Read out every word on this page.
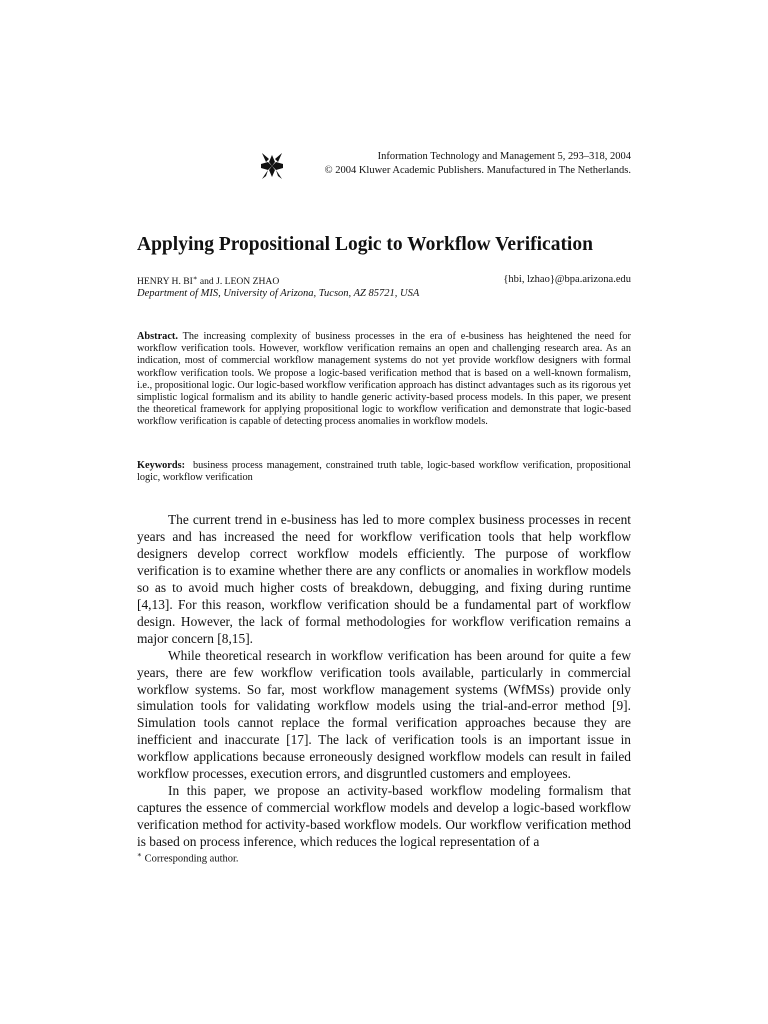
Information Technology and Management 5, 293–318, 2004
© 2004 Kluwer Academic Publishers. Manufactured in The Netherlands.
Applying Propositional Logic to Workflow Verification
HENRY H. BI∗ and J. LEON ZHAO	{hbi, lzhao}@bpa.arizona.edu
Department of MIS, University of Arizona, Tucson, AZ 85721, USA
Abstract. The increasing complexity of business processes in the era of e-business has heightened the need for workflow verification tools. However, workflow verification remains an open and challenging research area. As an indication, most of commercial workflow management systems do not yet provide workflow designers with formal workflow verification tools. We propose a logic-based verification method that is based on a well-known formalism, i.e., propositional logic. Our logic-based workflow verification approach has distinct advantages such as its rigorous yet simplistic logical formalism and its ability to handle generic activity-based process models. In this paper, we present the theoretical framework for applying propositional logic to workflow verification and demonstrate that logic-based workflow verification is capable of detecting process anomalies in workflow models.
Keywords: business process management, constrained truth table, logic-based workflow verification, propositional logic, workflow verification

The current trend in e-business has led to more complex business processes in recent years and has increased the need for workflow verification tools that help workflow designers develop correct workflow models efficiently. The purpose of workflow verification is to examine whether there are any conflicts or anomalies in workflow models so as to avoid much higher costs of breakdown, debugging, and fixing during runtime [4,13]. For this reason, workflow verification should be a fundamental part of workflow design. However, the lack of formal methodologies for workflow verification remains a major concern [8,15].

While theoretical research in workflow verification has been around for quite a few years, there are few workflow verification tools available, particularly in commercial workflow systems. So far, most workflow management systems (WfMSs) provide only simulation tools for validating workflow models using the trial-and-error method [9]. Simulation tools cannot replace the formal verification approaches because they are inefficient and inaccurate [17]. The lack of verification tools is an important issue in workflow applications because erroneously designed workflow models can result in failed workflow processes, execution errors, and disgruntled customers and employees.

In this paper, we propose an activity-based workflow modeling formalism that captures the essence of commercial workflow models and develop a logic-based workflow verification method for activity-based workflow models. Our workflow verification method is based on process inference, which reduces the logical representation of a

∗ Corresponding author.
